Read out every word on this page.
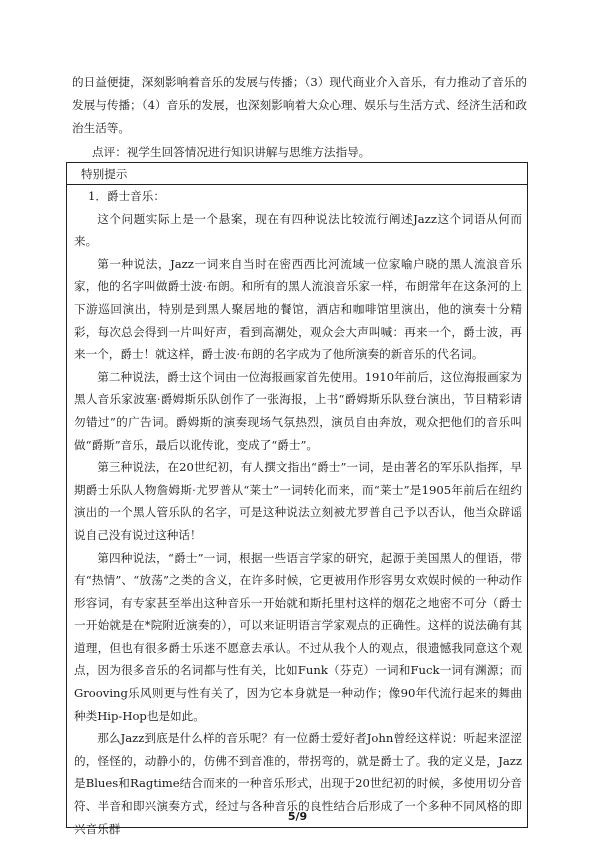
的日益便捷，深刻影响着音乐的发展与传播；（3）现代商业介入音乐，有力推动了音乐的发展与传播；（4）音乐的发展，也深刻影响着大众心理、娱乐与生活方式、经济生活和政治生活等。

点评：视学生回答情况进行知识讲解与思维方法指导。

特别提示

1．爵士音乐：

这个问题实际上是一个悬案，现在有四种说法比较流行阐述Jazz这个词语从何而来。

第一种说法，Jazz一词来自当时在密西西比河流域一位家喻户晓的黑人流浪音乐家，他的名字叫做爵士波·布朗。和所有的黑人流浪音乐家一样，布朗常年在这条河的上下游巡回演出，特别是到黑人聚居地的餐馆，酒店和咖啡馆里演出，他的演奏十分精彩，每次总会得到一片叫好声，看到高潮处，观众会大声叫喊：再来一个，爵士波，再来一个，爵士！就这样，爵士波·布朗的名字成为了他所演奏的新音乐的代名词。

第二种说法，爵士这个词由一位海报画家首先使用。1910年前后，这位海报画家为黑人音乐家波塞·爵姆斯乐队创作了一张海报，上书“爵姆斯乐队登台演出，节目精彩请勿错过”的广告词。爵姆斯的演奏现场气氛热烈，演员自由奔放，观众把他们的音乐叫做“爵斯”音乐，最后以讹传讹，变成了“爵士”。

第三种说法，在20世纪初，有人撰文指出“爵士”一词，是由著名的军乐队指挥，早期爵士乐队人物詹姆斯·尤罗普从“莱士”一词转化而来，而“莱士”是1905年前后在纽约演出的一个黑人管乐队的名字，可是这种说法立刻被尤罗普自己予以否认，他当众辟谣说自己没有说过这种话！

第四种说法，“爵士”一词，根据一些语言学家的研究，起源于美国黑人的俚语，带有“热情”、“放荡”之类的含义，在许多时候，它更被用作形容男女欢娱时候的一种动作形容词，有专家甚至举出这种音乐一开始就和斯托里村这样的烟花之地密不可分（爵士一开始就是在*院附近演奏的），可以来证明语言学家观点的正确性。这样的说法确有其道理，但也有很多爵士乐迷不愿意去承认。不过从我个人的观点，很遗憾我同意这个观点，因为很多音乐的名词都与性有关，比如Funk（芬克）一词和Fuck一词有渊源；而Grooving乐风则更与性有关了，因为它本身就是一种动作；像90年代流行起来的舞曲种类Hip-Hop也是如此。

那么Jazz到底是什么样的音乐呢？有一位爵士爱好者John曾经这样说：听起来涩涩的，怪怪的，动静小的，仿佛不到音准的，带拐弯的，就是爵士了。我的定义是，Jazz是Blues和Ragtime结合而来的一种音乐形式，出现于20世纪初的时候，多使用切分音符、半音和即兴演奏方式，经过与各种音乐的良性结合后形成了一个多种不同风格的即兴音乐群

5/9
